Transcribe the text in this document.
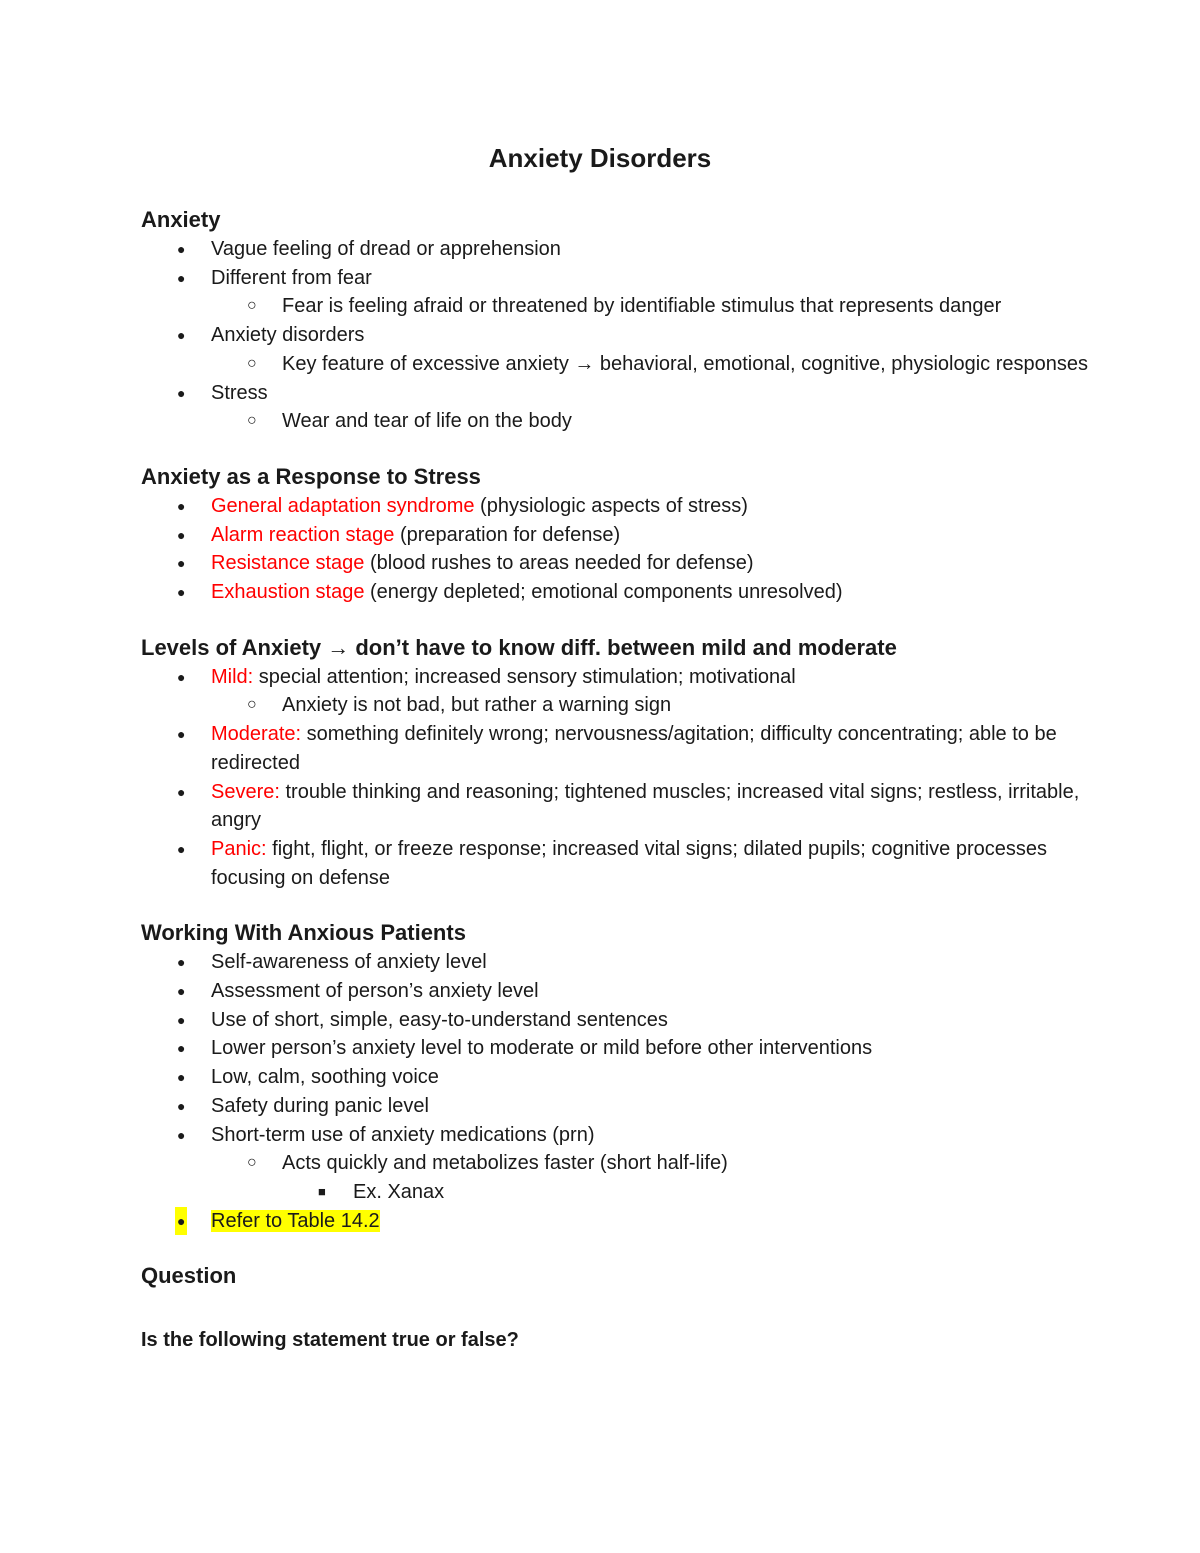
Anxiety Disorders

Anxiety

● Vague feeling of dread or apprehension
● Different from fear
○ Fear is feeling afraid or threatened by identifiable stimulus that represents danger
● Anxiety disorders
○ Key feature of excessive anxiety → behavioral, emotional, cognitive, physiologic responses
● Stress
○ Wear and tear of life on the body

Anxiety as a Response to Stress

● General adaptation syndrome (physiologic aspects of stress)
● Alarm reaction stage (preparation for defense)
● Resistance stage (blood rushes to areas needed for defense)
● Exhaustion stage (energy depleted; emotional components unresolved)

Levels of Anxiety → don’t have to know diff. between mild and moderate

● Mild: special attention; increased sensory stimulation; motivational
○ Anxiety is not bad, but rather a warning sign
● Moderate: something definitely wrong; nervousness/agitation; difficulty concentrating; able to be redirected
● Severe: trouble thinking and reasoning; tightened muscles; increased vital signs; restless, irritable, angry
● Panic: fight, flight, or freeze response; increased vital signs; dilated pupils; cognitive processes focusing on defense

Working With Anxious Patients

● Self-awareness of anxiety level
● Assessment of person’s anxiety level
● Use of short, simple, easy-to-understand sentences
● Lower person’s anxiety level to moderate or mild before other interventions
● Low, calm, soothing voice
● Safety during panic level
● Short-term use of anxiety medications (prn)
○ Acts quickly and metabolizes faster (short half-life)
■ Ex. Xanax
● Refer to Table 14.2

Question

Is the following statement true or false?
